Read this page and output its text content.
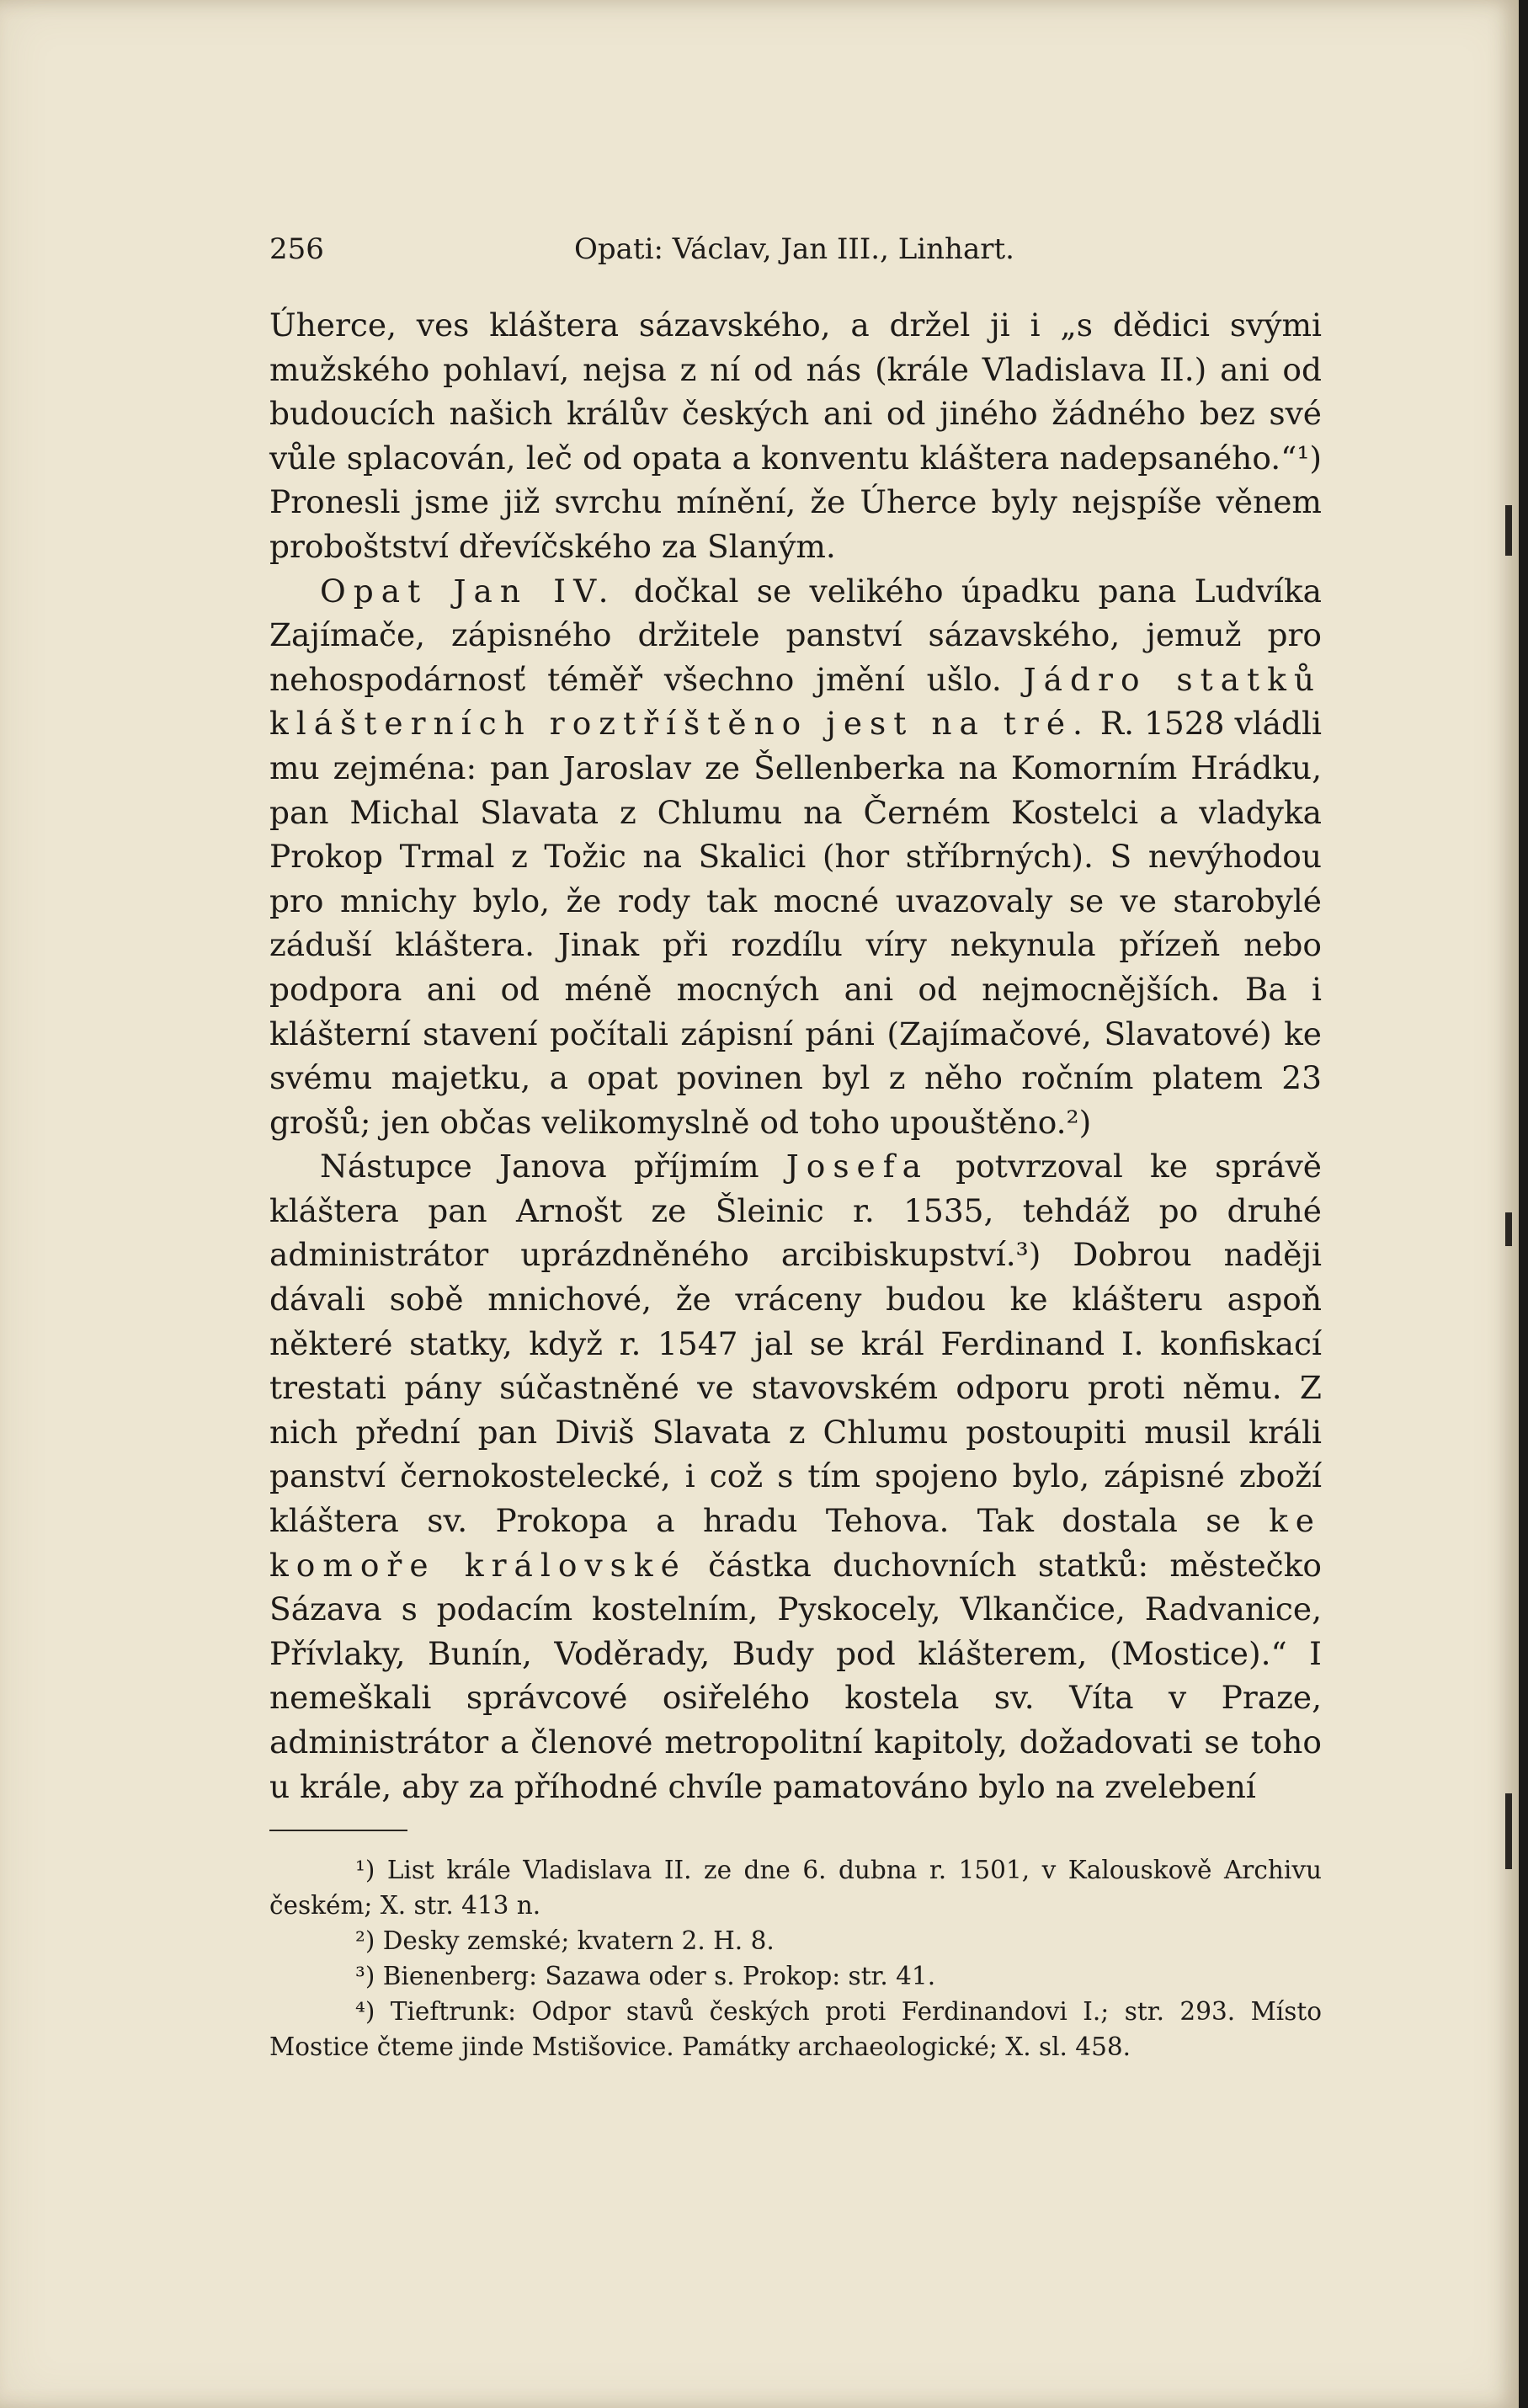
256	Opati: Václav, Jan III., Linhart.

Úherce, ves kláštera sázavského, a držel ji i „s dědici svými mužského pohlaví, nejsa z ní od nás (krále Vladislava II.) ani od budoucích našich králův českých ani od jiného žádného bez své vůle splacován, leč od opata a konventu kláštera nadepsaného.“¹) Pronesli jsme již svrchu mínění, že Úherce byly nejspíše věnem proboštství dřevíčského za Slaným.

Opat Jan IV. dočkal se velikého úpadku pana Ludvíka Zajímače, zápisného držitele panství sázavského, jemuž pro nehospodárnosť téměř všechno jmění ušlo. Jádro statků klášterních roztříštěno jest na tré. R. 1528 vládli mu zejména: pan Jaroslav ze Šellenberka na Komorním Hrádku, pan Michal Slavata z Chlumu na Černém Kostelci a vladyka Prokop Trmal z Tožic na Skalici (hor stříbrných). S nevýhodou pro mnichy bylo, že rody tak mocné uvazovaly se ve starobylé záduší kláštera. Jinak při rozdílu víry nekynula přízeň nebo podpora ani od méně mocných ani od nejmocnějších. Ba i klášterní stavení počítali zápisní páni (Zajímačové, Slavatové) ke svému majetku, a opat povinen byl z něho ročním platem 23 grošů; jen občas velikomyslně od toho upouštěno.²)

Nástupce Janova příjmím Josefa potvrzoval ke správě kláštera pan Arnošt ze Šleinic r. 1535, tehdáž po druhé administrátor uprázdněného arcibiskupství.³) Dobrou naději dávali sobě mnichové, že vráceny budou ke klášteru aspoň některé statky, když r. 1547 jal se král Ferdinand I. konfiskací trestati pány súčastněné ve stavovském odporu proti němu. Z nich přední pan Diviš Slavata z Chlumu postoupiti musil králi panství černokostelecké, i což s tím spojeno bylo, zápisné zboží kláštera sv. Prokopa a hradu Tehova. Tak dostala se ke komoře královské částka duchovních statků: městečko Sázava s podacím kostelním, Pyskocely, Vlkančice, Radvanice, Přívlaky, Bunín, Voděrady, Budy pod klášterem, (Mostice).“ I nemeškali správcové osiřelého kostela sv. Víta v Praze, administrátor a členové metropolitní kapitoly, dožadovati se toho u krále, aby za příhodné chvíle pamatováno bylo na zvelebení

¹) List krále Vladislava II. ze dne 6. dubna r. 1501, v Kalouskově Archivu českém; X. str. 413 n.

²) Desky zemské; kvatern 2. H. 8.

³) Bienenberg: Sazawa oder s. Prokop: str. 41.

⁴) Tieftrunk: Odpor stavů českých proti Ferdinandovi I.; str. 293. Místo Mostice čteme jinde Mstišovice. Památky archaeologické; X. sl. 458.
